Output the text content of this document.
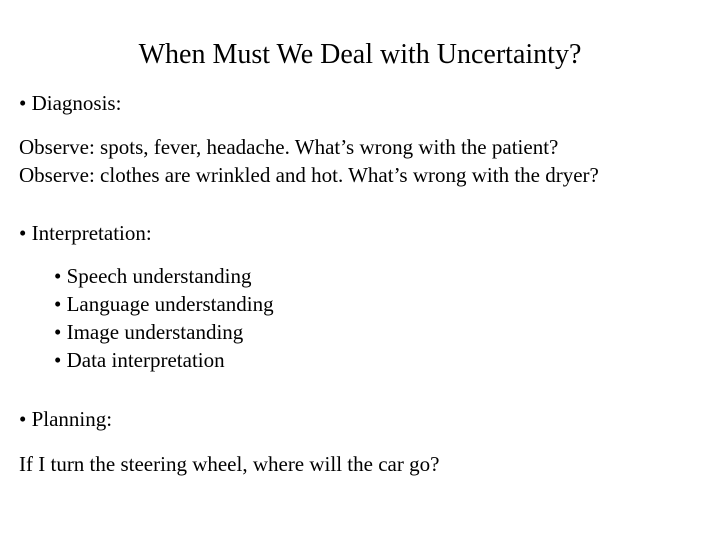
When Must We Deal with Uncertainty?
• Diagnosis:
Observe: spots, fever, headache. What’s wrong with the patient?
Observe: clothes are wrinkled and hot. What’s wrong with the dryer?
• Interpretation:
• Speech understanding
• Language understanding
• Image understanding
• Data interpretation
• Planning:
If I turn the steering wheel, where will the car go?
